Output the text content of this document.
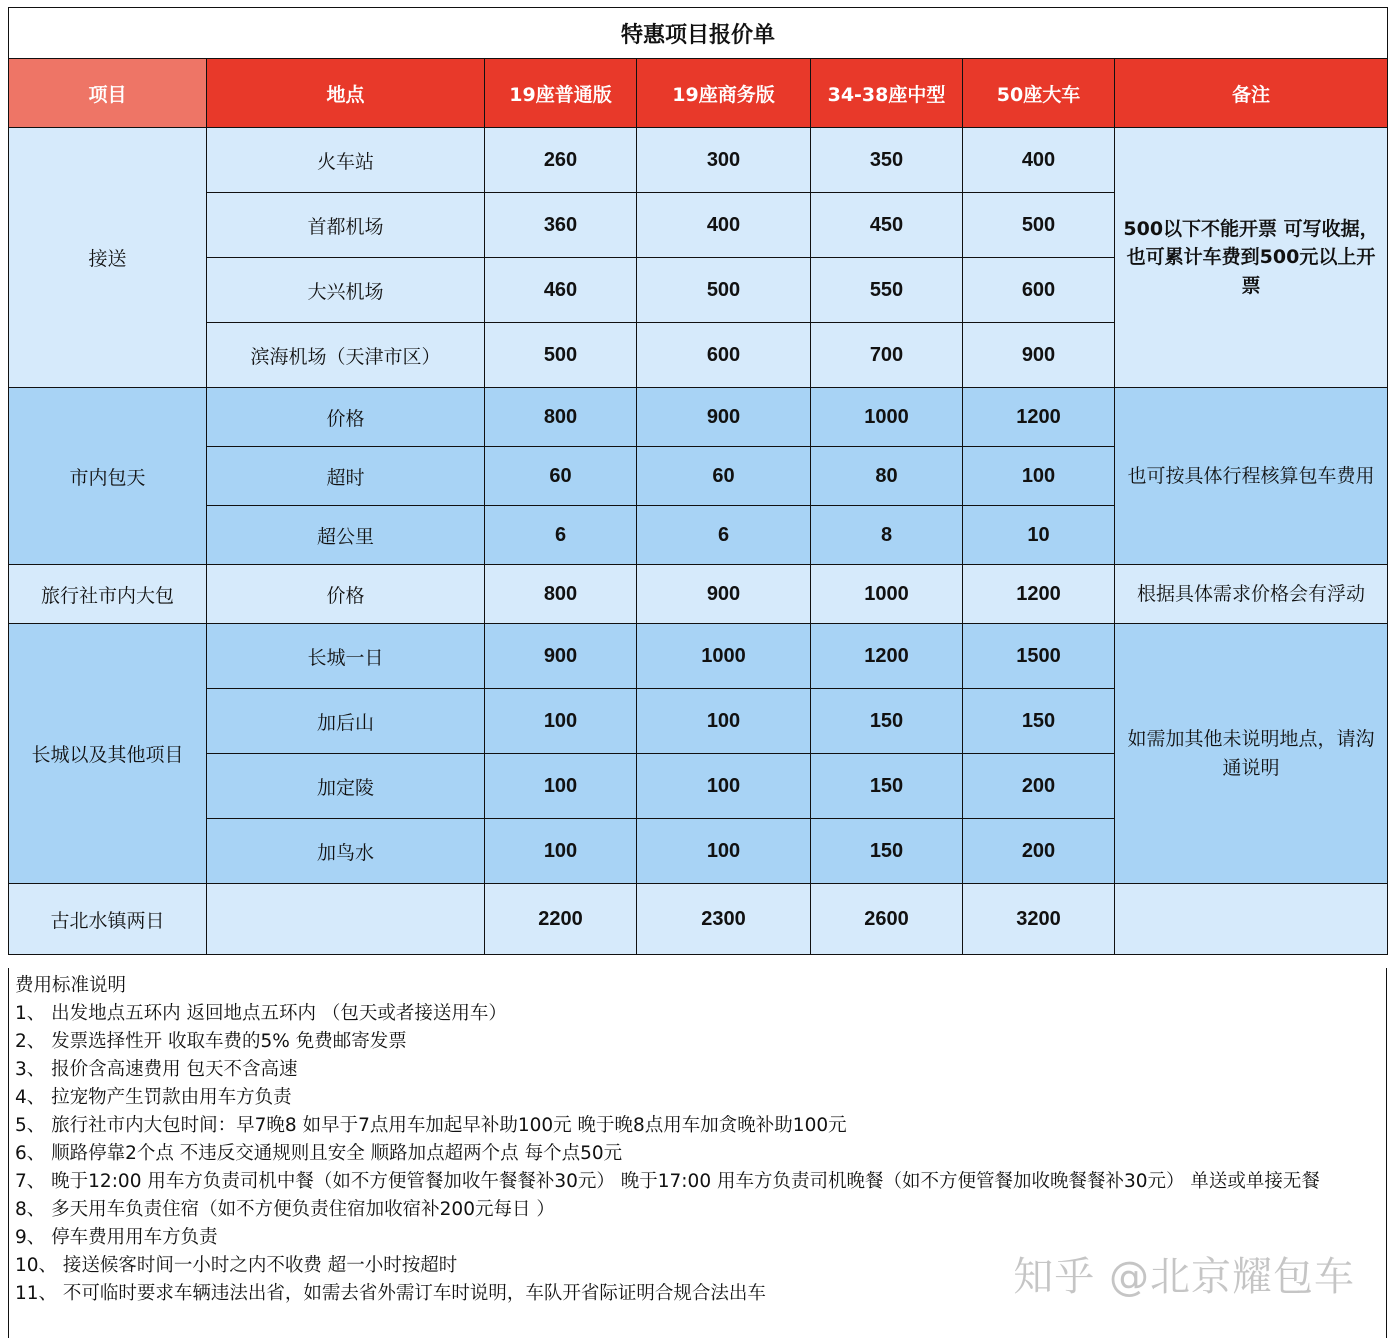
特惠项目报价单						
项目	地点	19座普通版	19座商务版	34-38座中型	50座大车	备注
接送	火车站	260	300	350	400	500以下不能开票 可写收据，也可累计车费到500元以上开票
	首都机场	360	400	450	500	
	大兴机场	460	500	550	600	
	滨海机场（天津市区）	500	600	700	900	
市内包天	价格	800	900	1000	1200	也可按具体行程核算包车费用
	超时	60	60	80	100	
	超公里	6	6	8	10	
旅行社市内大包	价格	800	900	1000	1200	根据具体需求价格会有浮动
长城以及其他项目	长城一日	900	1000	1200	1500	如需加其他未说明地点，请沟通说明
	加后山	100	100	150	150	
	加定陵	100	100	150	200	
	加鸟水	100	100	150	200	
古北水镇两日		2200	2300	2600	3200	
费用标准说明
1、 出发地点五环内 返回地点五环内 （包天或者接送用车）
2、 发票选择性开 收取车费的5% 免费邮寄发票
3、 报价含高速费用 包天不含高速
4、 拉宠物产生罚款由用车方负责
5、 旅行社市内大包时间：早7晚8 如早于7点用车加起早补助100元 晚于晚8点用车加贪晚补助100元
6、 顺路停靠2个点 不违反交通规则且安全 顺路加点超两个点 每个点50元
7、 晚于12:00 用车方负责司机中餐（如不方便管餐加收午餐餐补30元） 晚于17:00 用车方负责司机晚餐（如不方便管餐加收晚餐餐补30元） 单送或单接无餐
8、 多天用车负责住宿（如不方便负责住宿加收宿补200元每日 ）
9、 停车费用用车方负责
10、 接送候客时间一小时之内不收费 超一小时按超时
11、 不可临时要求车辆违法出省，如需去省外需订车时说明，车队开省际证明合规合法出车	知乎 @北京耀包车
